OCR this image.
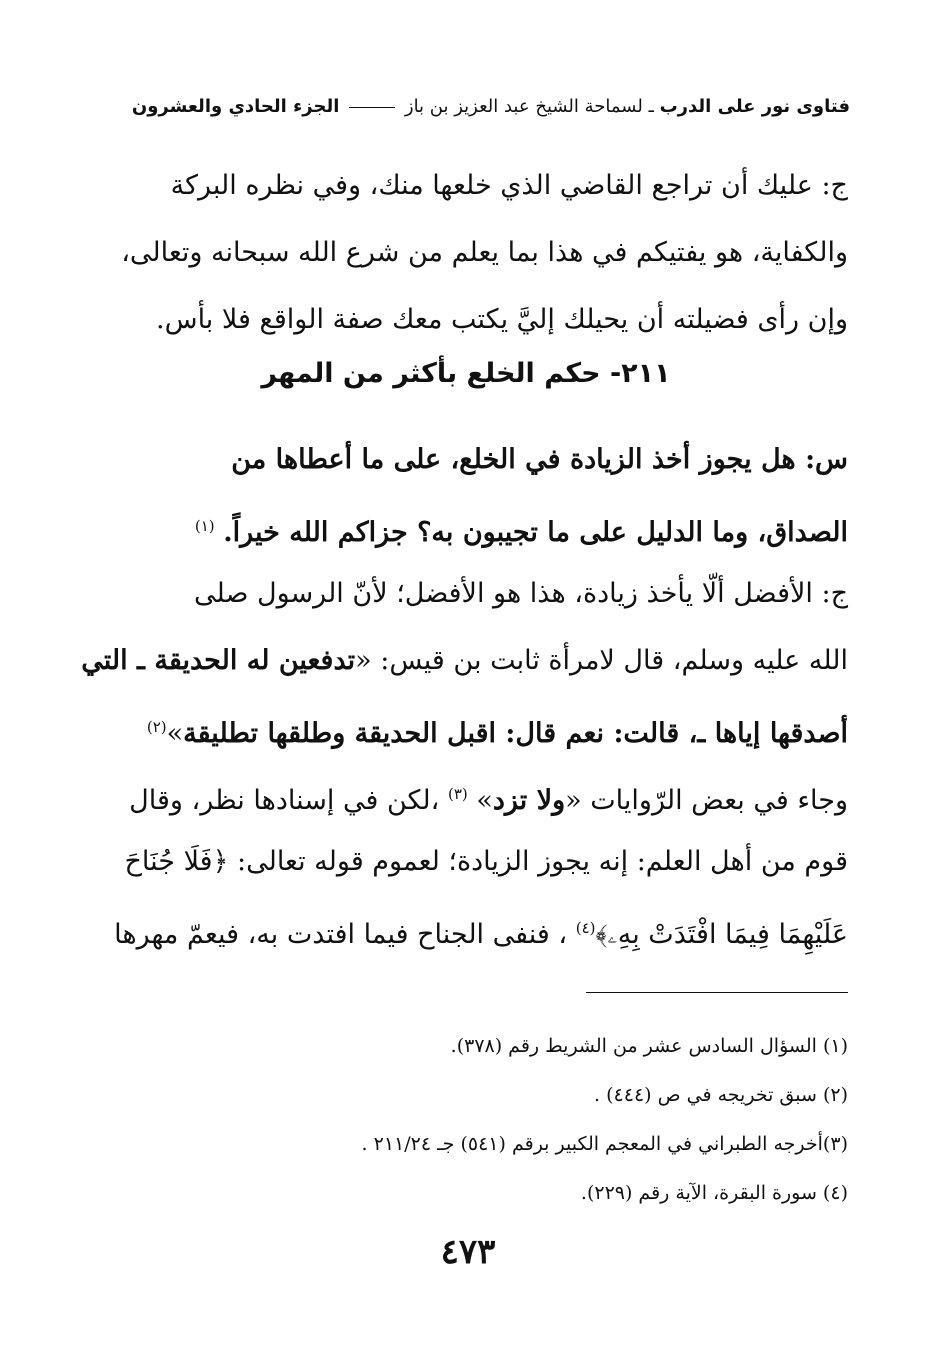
فتاوى نور على الدرب ـ لسماحة الشيخ عبد العزيز بن باز  الجزء الحادي والعشرون
ج: عليك أن تراجع القاضي الذي خلعها منك، وفي نظره البركة
والكفاية، هو يفتيكم في هذا بما يعلم من شرع الله سبحانه وتعالى،
وإن رأى فضيلته أن يحيلك إليَّ يكتب معك صفة الواقع فلا بأس.
٢١١- حكم الخلع بأكثر من المهر
س: هل يجوز أخذ الزيادة في الخلع، على ما أعطاها من
الصداق، وما الدليل على ما تجيبون به؟ جزاكم الله خيراً. $^{(١)}$
ج: الأفضل ألّا يأخذ زيادة، هذا هو الأفضل؛ لأنّ الرسول صلى
الله عليه وسلم، قال لامرأة ثابت بن قيس: «تدفعين له الحديقة ـ التي
أصدقها إياها ـ، قالت: نعم قال: اقبل الحديقة وطلقها تطليقة»$^{(٢)}$
وجاء في بعض الرّوايات «ولا تزد» $^{(٣)}$ ،لكن في إسنادها نظر، وقال
قوم من أهل العلم: إنه يجوز الزيادة؛ لعموم قوله تعالى: ﴿فَلَا جُنَاحَ
عَلَيْهِمَا فِيمَا افْتَدَتْ بِهِۦ﴾$^{(٤)}$ ، فنفى الجناح فيما افتدت به، فيعمّ مهرها
(١) السؤال السادس عشر من الشريط رقم (٣٧٨).
(٢) سبق تخريجه في ص (٤٤٤) .
(٣)أخرجه الطبراني في المعجم الكبير برقم (٥٤١) جـ ٢١١/٢٤ .
(٤) سورة البقرة، الآية رقم (٢٢٩).
٤٧٣
